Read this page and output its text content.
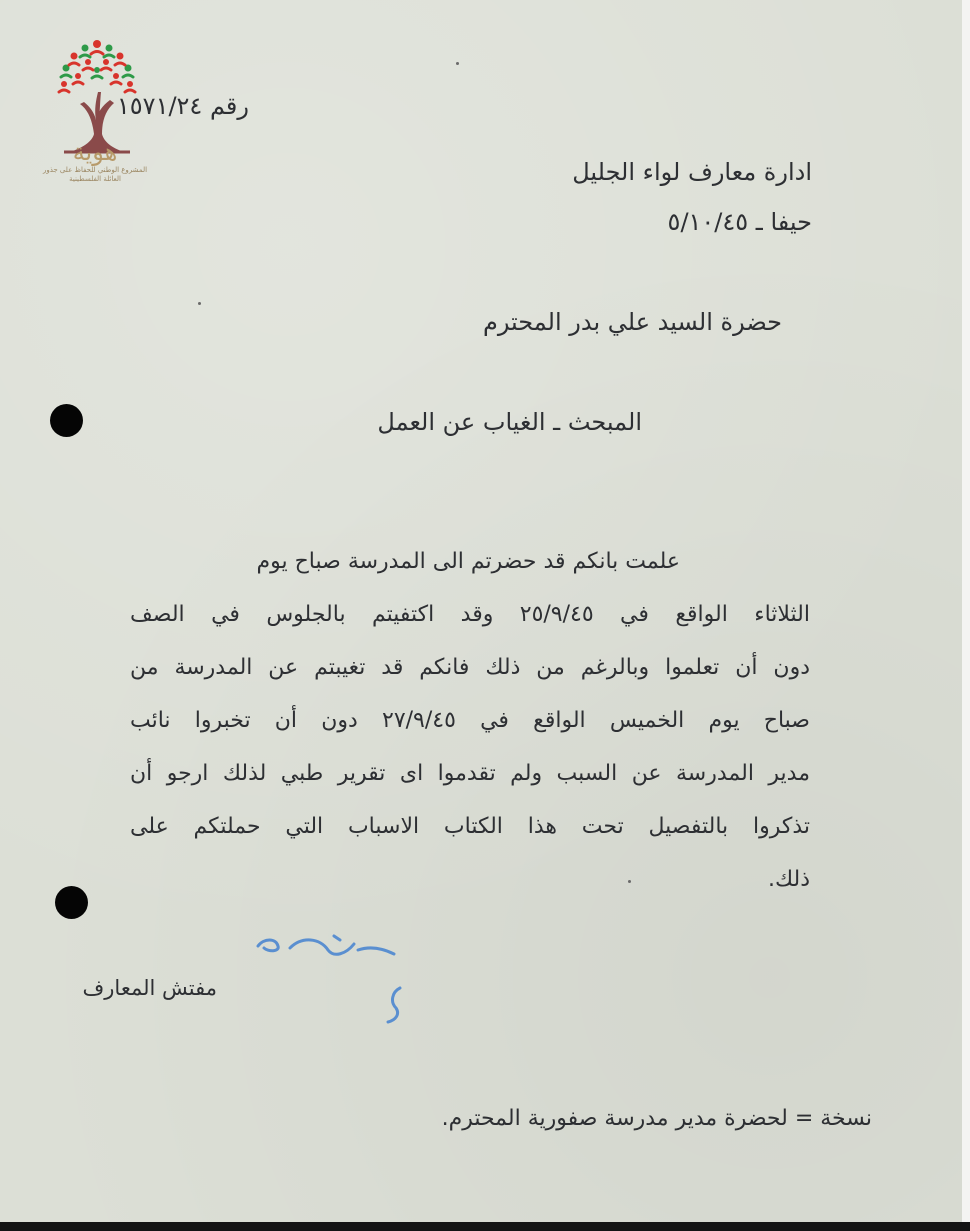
هوية
المشروع الوطني للحفاظ على جذور العائلة الفلسطينية
رقم ١٥٧١/٢٤
ادارة معارف لواء الجليل
حيفا ـ ٥/١٠/٤٥
حضرة السيد علي بدر المحترم
المبحث ـ الغياب عن العمل
علمت بانكم قد حضرتم الى المدرسة صباح يوم
الثلاثاء الواقع في ٢٥/٩/٤٥ وقد اكتفيتم بالجلوس في الصف
دون أن تعلموا وبالرغم من ذلك فانكم قد تغيبتم عن المدرسة من
صباح يوم الخميس الواقع في ٢٧/٩/٤٥ دون أن تخبروا نائب
مدير المدرسة عن السبب ولم تقدموا اى تقرير طبي لذلك ارجو أن
تذكروا بالتفصيل تحت هذا الكتاب الاسباب التي حملتكم على
ذلك.
مفتش المعارف
نسخة = لحضرة مدير مدرسة صفورية المحترم.
